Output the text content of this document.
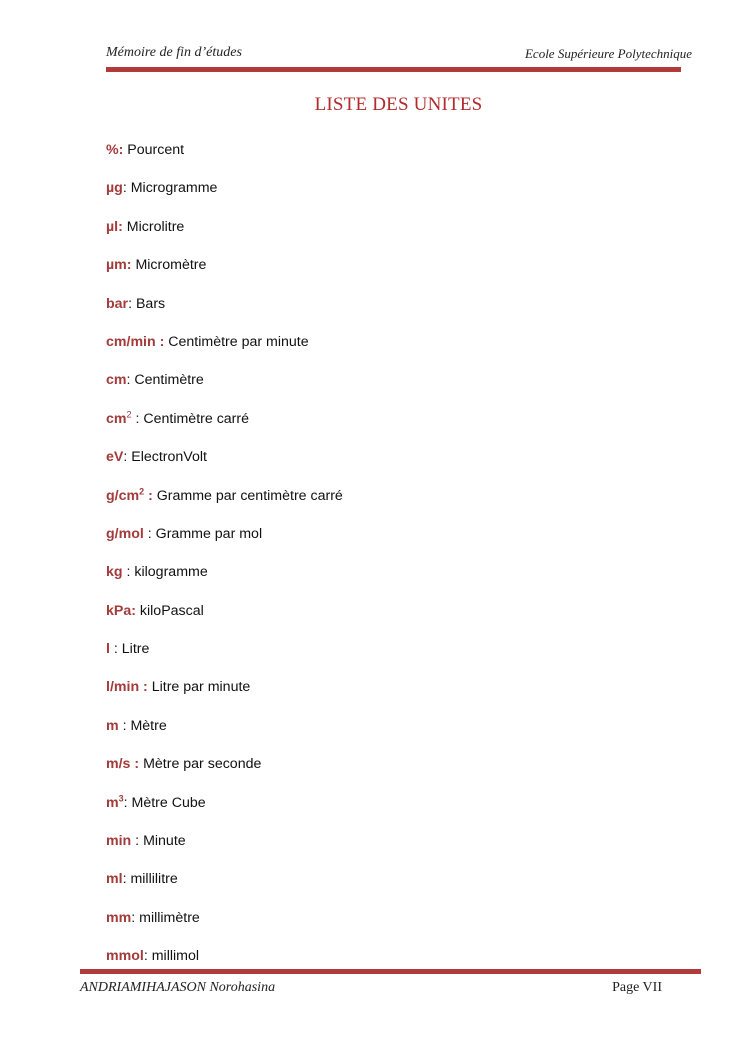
Mémoire de fin d’études	Ecole Supérieure Polytechnique
LISTE DES UNITES
%: Pourcent
µg: Microgramme
µl: Microlitre
µm: Micromètre
bar: Bars
cm/min : Centimètre par minute
cm: Centimètre
$cm^2$ : Centimètre carré
eV: ElectronVolt
$g/cm^2$ : Gramme par centimètre carré
g/mol : Gramme par mol
kg : kilogramme
kPa: kiloPascal
l : Litre
l/min : Litre par minute
m : Mètre
m/s : Mètre par seconde
$m^3$: Mètre Cube
min : Minute
ml: millilitre
mm: millimètre
mmol: millimol
ANDRIAMIHAJASON Norohasina	Page VII
